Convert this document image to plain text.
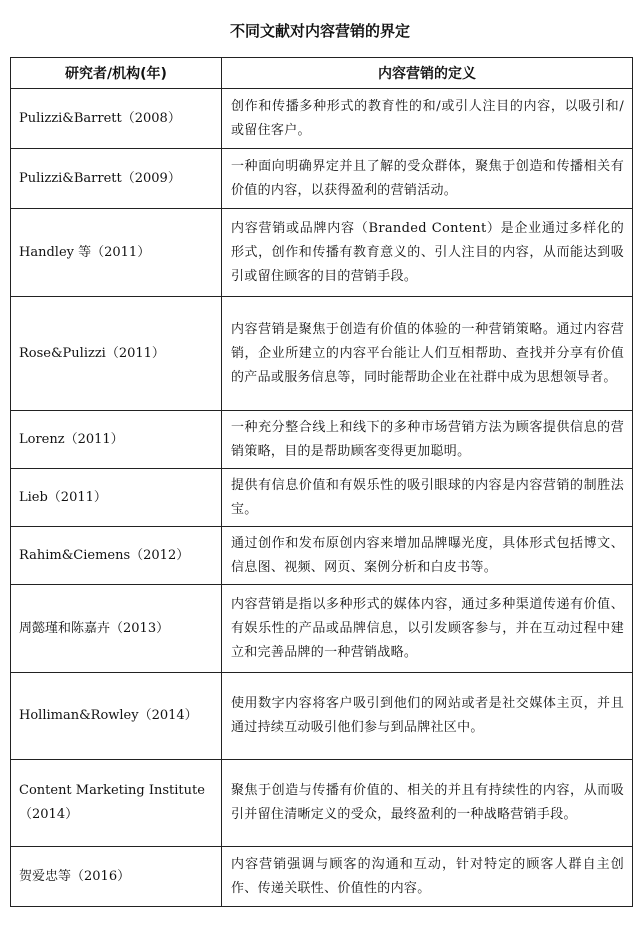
不同文献对内容营销的界定
研究者/机构(年)	内容营销的定义
Pulizzi&Barrett（2008）	创作和传播多种形式的教育性的和/或引人注目的内容，以吸引和/或留住客户。
Pulizzi&Barrett（2009）	一种面向明确界定并且了解的受众群体，聚焦于创造和传播相关有价值的内容，以获得盈利的营销活动。
Handley 等（2011）	内容营销或品牌内容（Branded Content）是企业通过多样化的形式，创作和传播有教育意义的、引人注目的内容，从而能达到吸引或留住顾客的目的营销手段。
Rose&Pulizzi（2011）	内容营销是聚焦于创造有价值的体验的一种营销策略。通过内容营销，企业所建立的内容平台能让人们互相帮助、查找并分享有价值的产品或服务信息等，同时能帮助企业在社群中成为思想领导者。
Lorenz（2011）	一种充分整合线上和线下的多种市场营销方法为顾客提供信息的营销策略，目的是帮助顾客变得更加聪明。
Lieb（2011）	提供有信息价值和有娱乐性的吸引眼球的内容是内容营销的制胜法宝。
Rahim&Ciemens（2012）	通过创作和发布原创内容来增加品牌曝光度，具体形式包括博文、信息图、视频、网页、案例分析和白皮书等。
周懿瑾和陈嘉卉（2013）	内容营销是指以多种形式的媒体内容，通过多种渠道传递有价值、有娱乐性的产品或品牌信息，以引发顾客参与，并在互动过程中建立和完善品牌的一种营销战略。
Holliman&Rowley（2014）	使用数字内容将客户吸引到他们的网站或者是社交媒体主页，并且通过持续互动吸引他们参与到品牌社区中。
Content Marketing Institute（2014）	聚焦于创造与传播有价值的、相关的并且有持续性的内容，从而吸引并留住清晰定义的受众，最终盈利的一种战略营销手段。
贺爱忠等（2016）	内容营销强调与顾客的沟通和互动，针对特定的顾客人群自主创作、传递关联性、价值性的内容。
